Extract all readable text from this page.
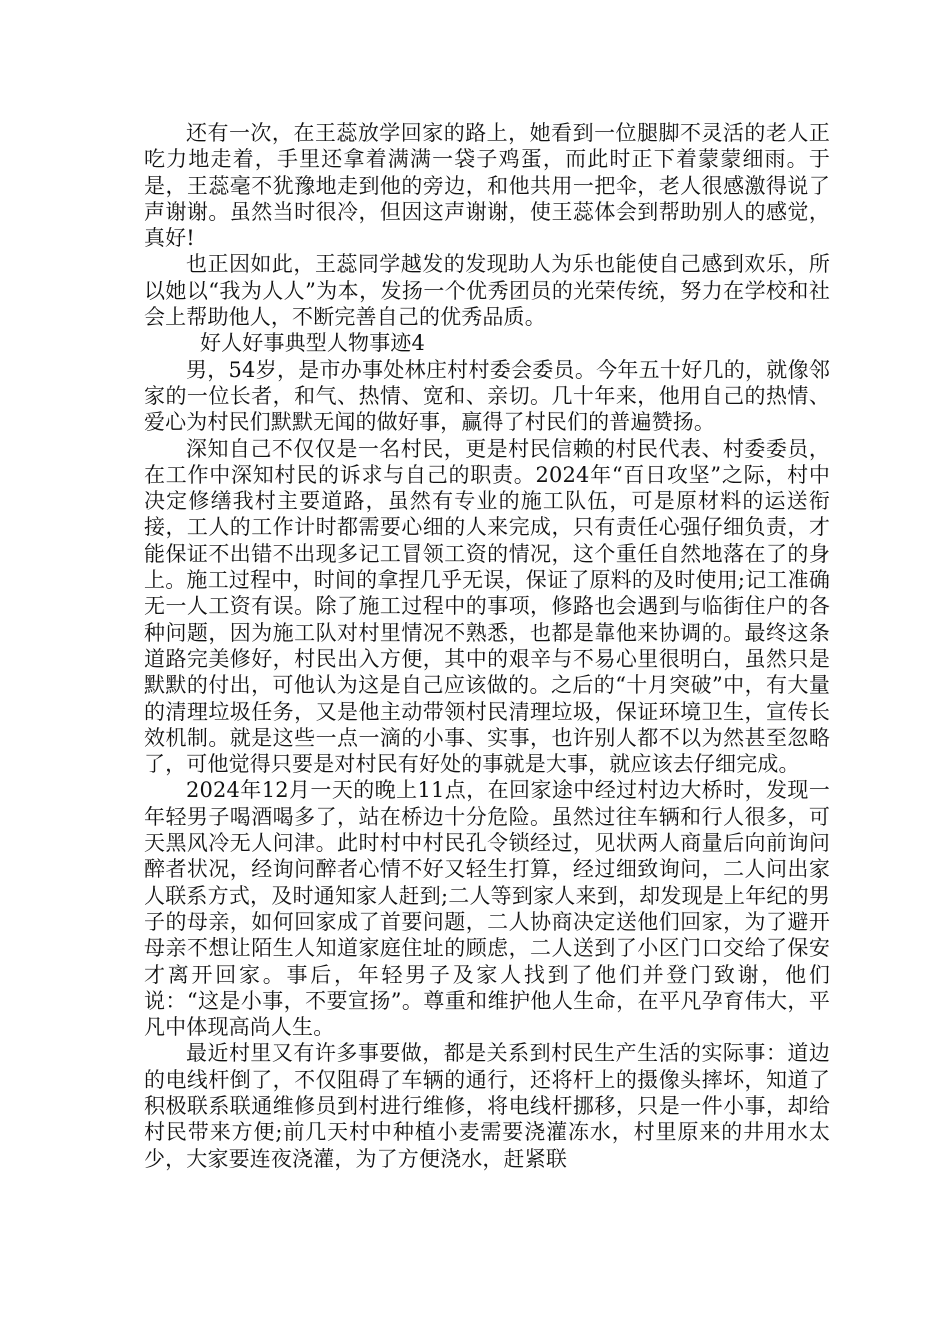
还有一次，在王蕊放学回家的路上，她看到一位腿脚不灵活的老人正吃力地走着，手里还拿着满满一袋子鸡蛋，而此时正下着蒙蒙细雨。于是，王蕊毫不犹豫地走到他的旁边，和他共用一把伞，老人很感激得说了声谢谢。虽然当时很冷，但因这声谢谢，使王蕊体会到帮助别人的感觉，真好!

也正因如此，王蕊同学越发的发现助人为乐也能使自己感到欢乐，所以她以“我为人人”为本，发扬一个优秀团员的光荣传统，努力在学校和社会上帮助他人，不断完善自己的优秀品质。

好人好事典型人物事迹4

男，54岁，是市办事处林庄村村委会委员。今年五十好几的，就像邻家的一位长者，和气、热情、宽和、亲切。几十年来，他用自己的热情、爱心为村民们默默无闻的做好事，赢得了村民们的普遍赞扬。

深知自己不仅仅是一名村民，更是村民信赖的村民代表、村委委员，在工作中深知村民的诉求与自己的职责。2024年“百日攻坚”之际，村中决定修缮我村主要道路，虽然有专业的施工队伍，可是原材料的运送衔接，工人的工作计时都需要心细的人来完成，只有责任心强仔细负责，才能保证不出错不出现多记工冒领工资的情况，这个重任自然地落在了的身上。施工过程中，时间的拿捏几乎无误，保证了原料的及时使用;记工准确无一人工资有误。除了施工过程中的事项，修路也会遇到与临街住户的各种问题，因为施工队对村里情况不熟悉，也都是靠他来协调的。最终这条道路完美修好，村民出入方便，其中的艰辛与不易心里很明白，虽然只是默默的付出，可他认为这是自己应该做的。之后的“十月突破”中，有大量的清理垃圾任务，又是他主动带领村民清理垃圾，保证环境卫生，宣传长效机制。就是这些一点一滴的小事、实事，也许别人都不以为然甚至忽略了，可他觉得只要是对村民有好处的事就是大事，就应该去仔细完成。

2024年12月一天的晚上11点，在回家途中经过村边大桥时，发现一年轻男子喝酒喝多了，站在桥边十分危险。虽然过往车辆和行人很多，可天黑风冷无人问津。此时村中村民孔令锁经过，见状两人商量后向前询问醉者状况，经询问醉者心情不好又轻生打算，经过细致询问，二人问出家人联系方式，及时通知家人赶到;二人等到家人来到，却发现是上年纪的男子的母亲，如何回家成了首要问题，二人协商决定送他们回家，为了避开母亲不想让陌生人知道家庭住址的顾虑，二人送到了小区门口交给了保安才离开回家。事后，年轻男子及家人找到了他们并登门致谢，他们说：“这是小事，不要宣扬”。尊重和维护他人生命，在平凡孕育伟大，平凡中体现高尚人生。

最近村里又有许多事要做，都是关系到村民生产生活的实际事：道边的电线杆倒了，不仅阻碍了车辆的通行，还将杆上的摄像头摔坏，知道了积极联系联通维修员到村进行维修，将电线杆挪移，只是一件小事，却给村民带来方便;前几天村中种植小麦需要浇灌冻水，村里原来的井用水太少，大家要连夜浇灌，为了方便浇水，赶紧联
